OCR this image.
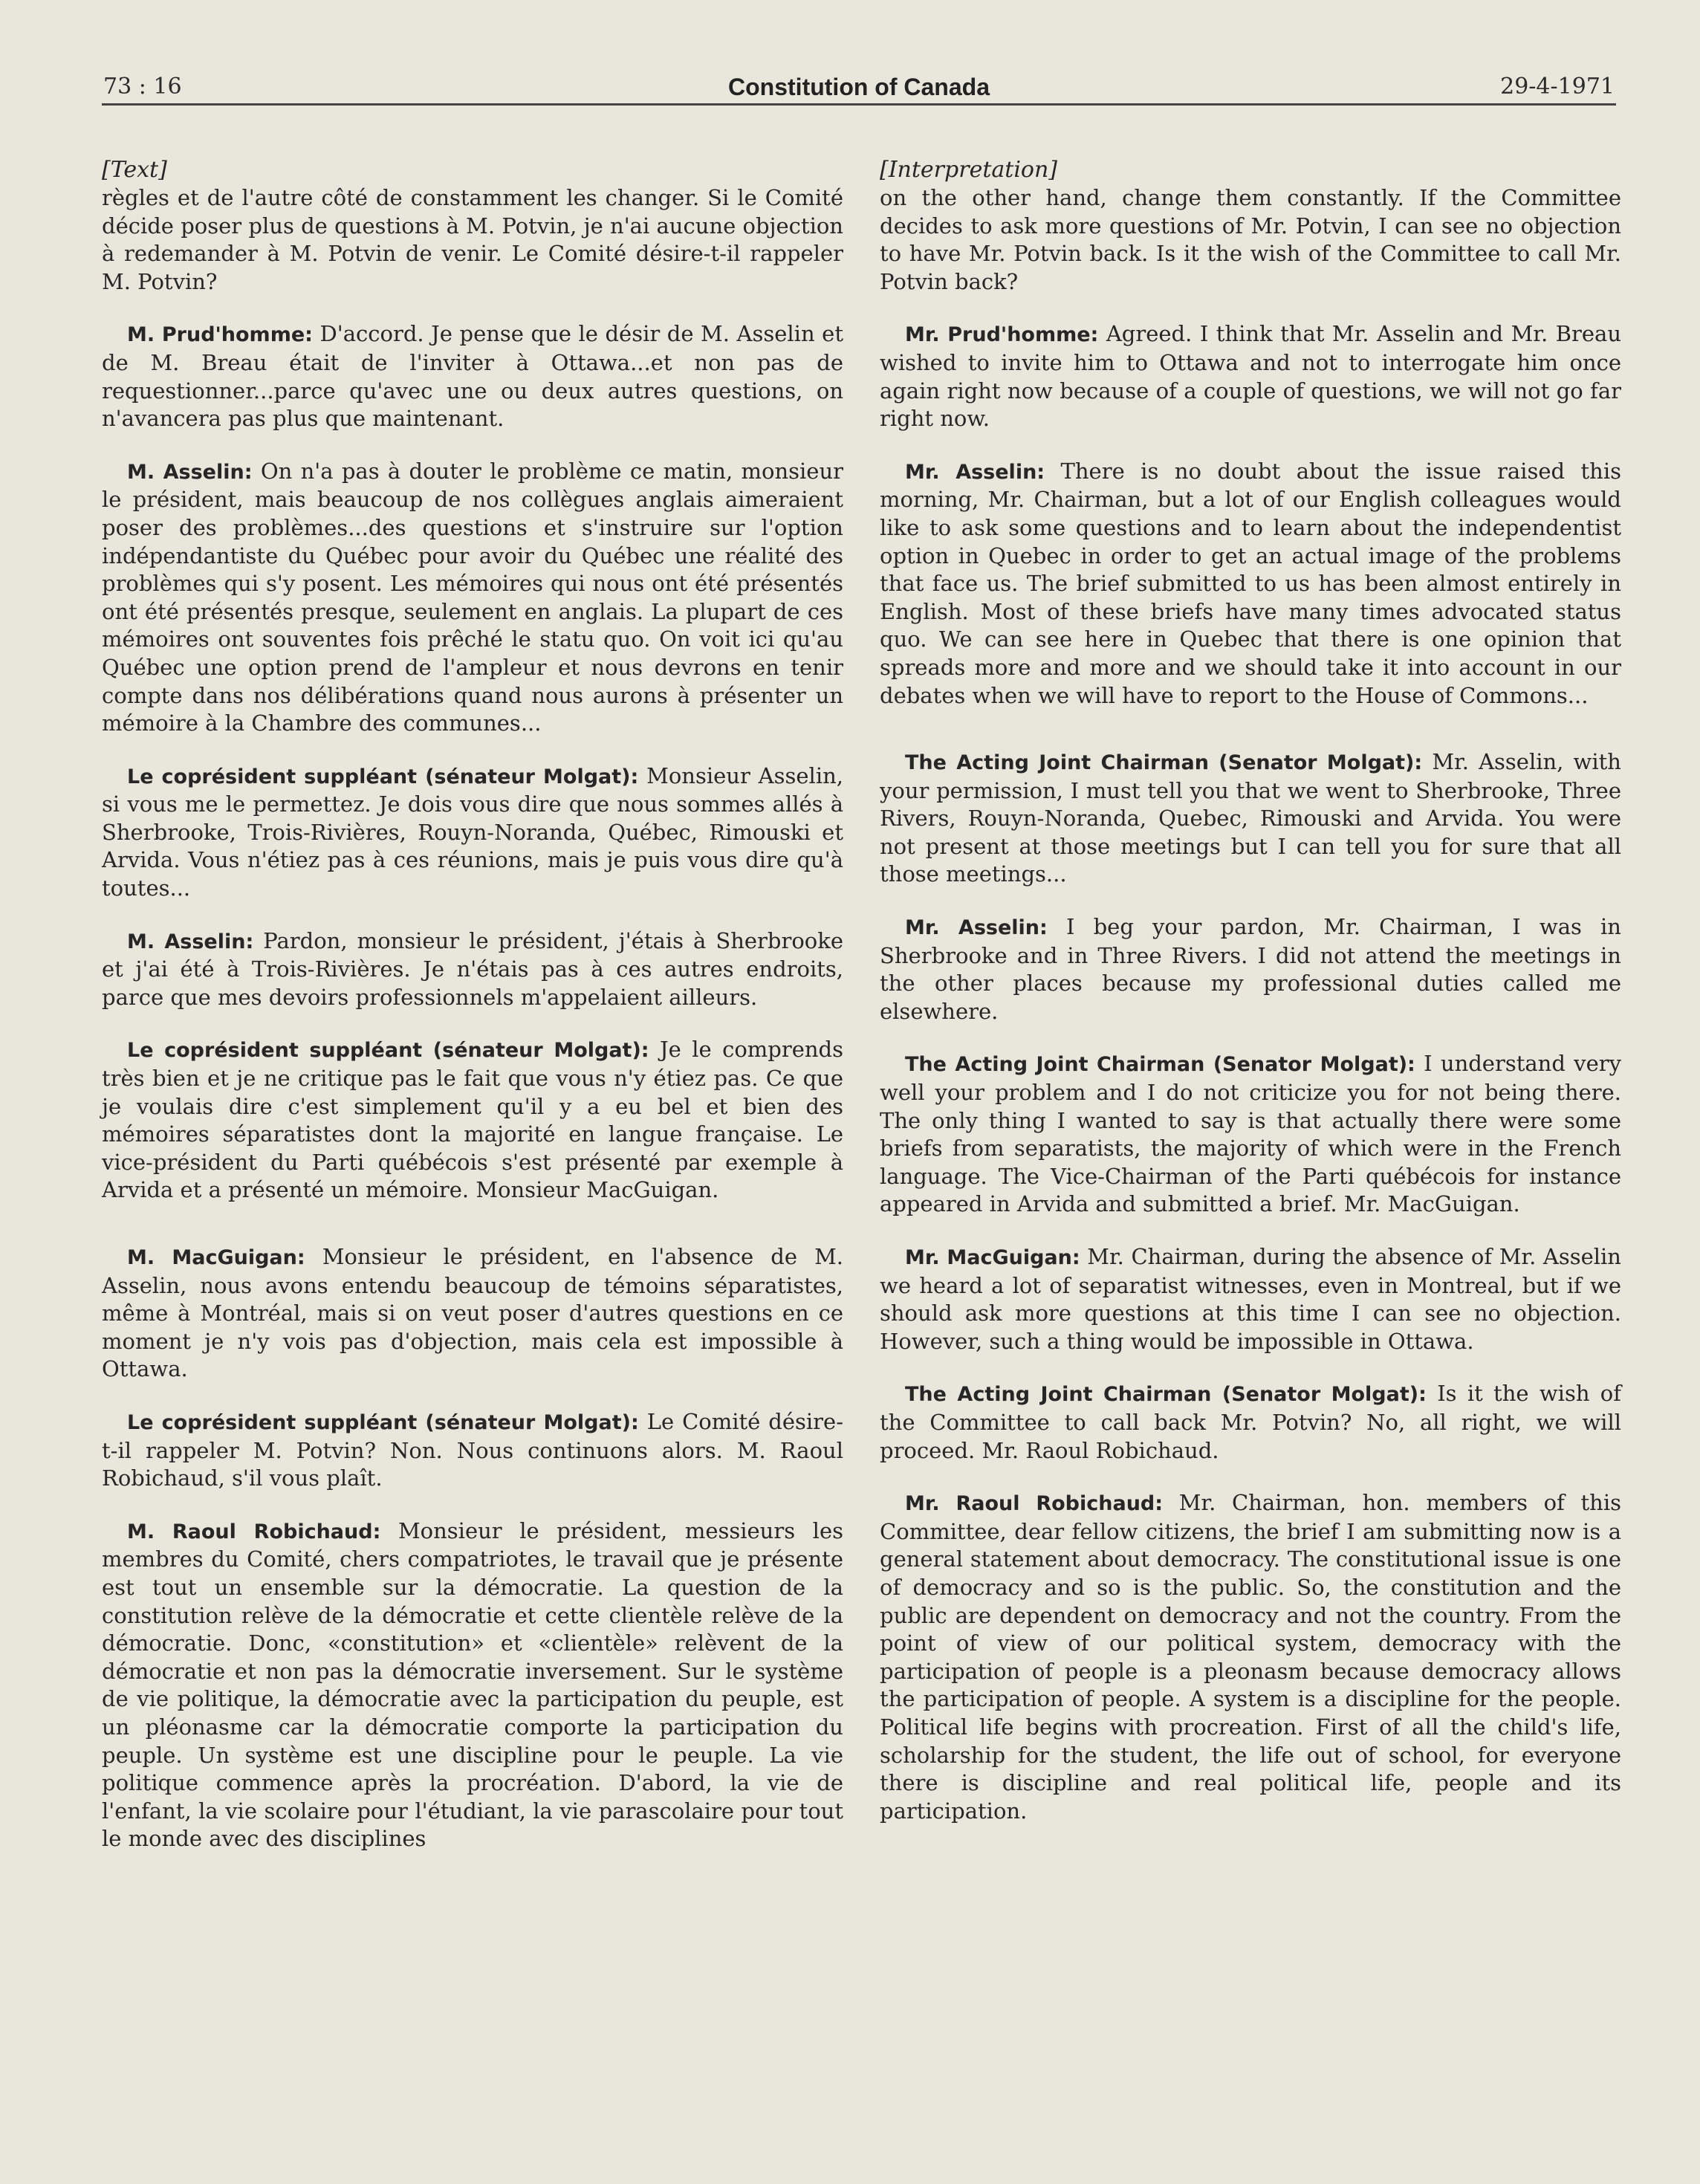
73 : 16	Constitution of Canada	29-4-1971

[Text]

règles et de l'autre côté de constamment les changer. Si le Comité décide poser plus de questions à M. Potvin, je n'ai aucune objection à redemander à M. Potvin de venir. Le Comité désire-t-il rappeler M. Potvin?

M. Prud'homme: D'accord. Je pense que le désir de M. Asselin et de M. Breau était de l'inviter à Ottawa...et non pas de requestionner...parce qu'avec une ou deux autres questions, on n'avancera pas plus que maintenant.

M. Asselin: On n'a pas à douter le problème ce matin, monsieur le président, mais beaucoup de nos collègues anglais aimeraient poser des problèmes...des questions et s'instruire sur l'option indépendantiste du Québec pour avoir du Québec une réalité des problèmes qui s'y posent. Les mémoires qui nous ont été présentés ont été présentés presque, seulement en anglais. La plupart de ces mémoires ont souventes fois prêché le statu quo. On voit ici qu'au Québec une option prend de l'ampleur et nous devrons en tenir compte dans nos délibérations quand nous aurons à présenter un mémoire à la Chambre des communes...

Le coprésident suppléant (sénateur Molgat): Monsieur Asselin, si vous me le permettez. Je dois vous dire que nous sommes allés à Sherbrooke, Trois-Rivières, Rouyn-Noranda, Québec, Rimouski et Arvida. Vous n'étiez pas à ces réunions, mais je puis vous dire qu'à toutes...

M. Asselin: Pardon, monsieur le président, j'étais à Sherbrooke et j'ai été à Trois-Rivières. Je n'étais pas à ces autres endroits, parce que mes devoirs professionnels m'appelaient ailleurs.

Le coprésident suppléant (sénateur Molgat): Je le comprends très bien et je ne critique pas le fait que vous n'y étiez pas. Ce que je voulais dire c'est simplement qu'il y a eu bel et bien des mémoires séparatistes dont la majorité en langue française. Le vice-président du Parti québécois s'est présenté par exemple à Arvida et a présenté un mémoire. Monsieur MacGuigan.

M. MacGuigan: Monsieur le président, en l'absence de M. Asselin, nous avons entendu beaucoup de témoins séparatistes, même à Montréal, mais si on veut poser d'autres questions en ce moment je n'y vois pas d'objection, mais cela est impossible à Ottawa.

Le coprésident suppléant (sénateur Molgat): Le Comité désire-t-il rappeler M. Potvin? Non. Nous continuons alors. M. Raoul Robichaud, s'il vous plaît.

M. Raoul Robichaud: Monsieur le président, messieurs les membres du Comité, chers compatriotes, le travail que je présente est tout un ensemble sur la démocratie. La question de la constitution relève de la démocratie et cette clientèle relève de la démocratie. Donc, «constitution» et «clientèle» relèvent de la démocratie et non pas la démocratie inversement. Sur le système de vie politique, la démocratie avec la participation du peuple, est un pléonasme car la démocratie comporte la participation du peuple. Un système est une discipline pour le peuple. La vie politique commence après la procréation. D'abord, la vie de l'enfant, la vie scolaire pour l'étudiant, la vie parascolaire pour tout le monde avec des disciplines

[Interpretation]

on the other hand, change them constantly. If the Committee decides to ask more questions of Mr. Potvin, I can see no objection to have Mr. Potvin back. Is it the wish of the Committee to call Mr. Potvin back?

Mr. Prud'homme: Agreed. I think that Mr. Asselin and Mr. Breau wished to invite him to Ottawa and not to interrogate him once again right now because of a couple of questions, we will not go far right now.

Mr. Asselin: There is no doubt about the issue raised this morning, Mr. Chairman, but a lot of our English colleagues would like to ask some questions and to learn about the independentist option in Quebec in order to get an actual image of the problems that face us. The brief submitted to us has been almost entirely in English. Most of these briefs have many times advocated status quo. We can see here in Quebec that there is one opinion that spreads more and more and we should take it into account in our debates when we will have to report to the House of Commons...

The Acting Joint Chairman (Senator Molgat): Mr. Asselin, with your permission, I must tell you that we went to Sherbrooke, Three Rivers, Rouyn-Noranda, Quebec, Rimouski and Arvida. You were not present at those meetings but I can tell you for sure that all those meetings...

Mr. Asselin: I beg your pardon, Mr. Chairman, I was in Sherbrooke and in Three Rivers. I did not attend the meetings in the other places because my professional duties called me elsewhere.

The Acting Joint Chairman (Senator Molgat): I understand very well your problem and I do not criticize you for not being there. The only thing I wanted to say is that actually there were some briefs from separatists, the majority of which were in the French language. The Vice-Chairman of the Parti québécois for instance appeared in Arvida and submitted a brief. Mr. MacGuigan.

Mr. MacGuigan: Mr. Chairman, during the absence of Mr. Asselin we heard a lot of separatist witnesses, even in Montreal, but if we should ask more questions at this time I can see no objection. However, such a thing would be impossible in Ottawa.

The Acting Joint Chairman (Senator Molgat): Is it the wish of the Committee to call back Mr. Potvin? No, all right, we will proceed. Mr. Raoul Robichaud.

Mr. Raoul Robichaud: Mr. Chairman, hon. members of this Committee, dear fellow citizens, the brief I am submitting now is a general statement about democracy. The constitutional issue is one of democracy and so is the public. So, the constitution and the public are dependent on democracy and not the country. From the point of view of our political system, democracy with the participation of people is a pleonasm because democracy allows the participation of people. A system is a discipline for the people. Political life begins with procreation. First of all the child's life, scholarship for the student, the life out of school, for everyone there is discipline and real political life, people and its participation.
